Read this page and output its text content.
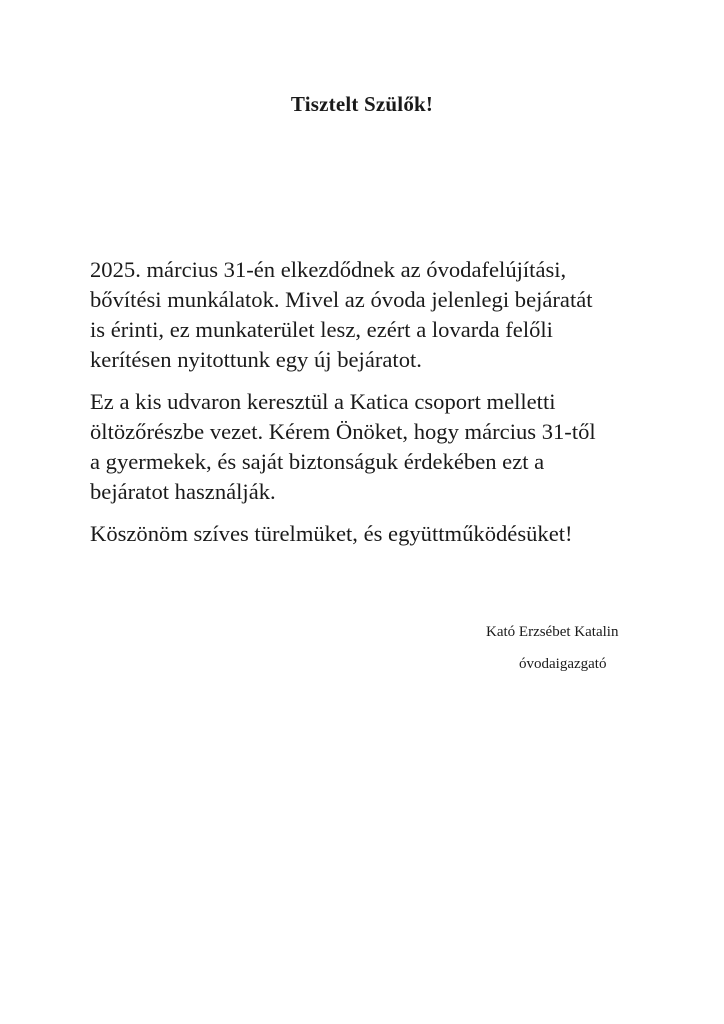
Tisztelt Szülők!

2025. március 31-én elkezdődnek az óvodafelújítási,
bővítési munkálatok. Mivel az óvoda jelenlegi bejáratát
is érinti, ez munkaterület lesz, ezért a lovarda felőli
kerítésen nyitottunk egy új bejáratot.

Ez a kis udvaron keresztül a Katica csoport melletti
öltözőrészbe vezet. Kérem Önöket, hogy március 31-től
a gyermekek, és saját biztonságuk érdekében ezt a
bejáratot használják.

Köszönöm szíves türelmüket, és együttműködésüket!

Kató Erzsébet Katalin
óvodaigazgató
